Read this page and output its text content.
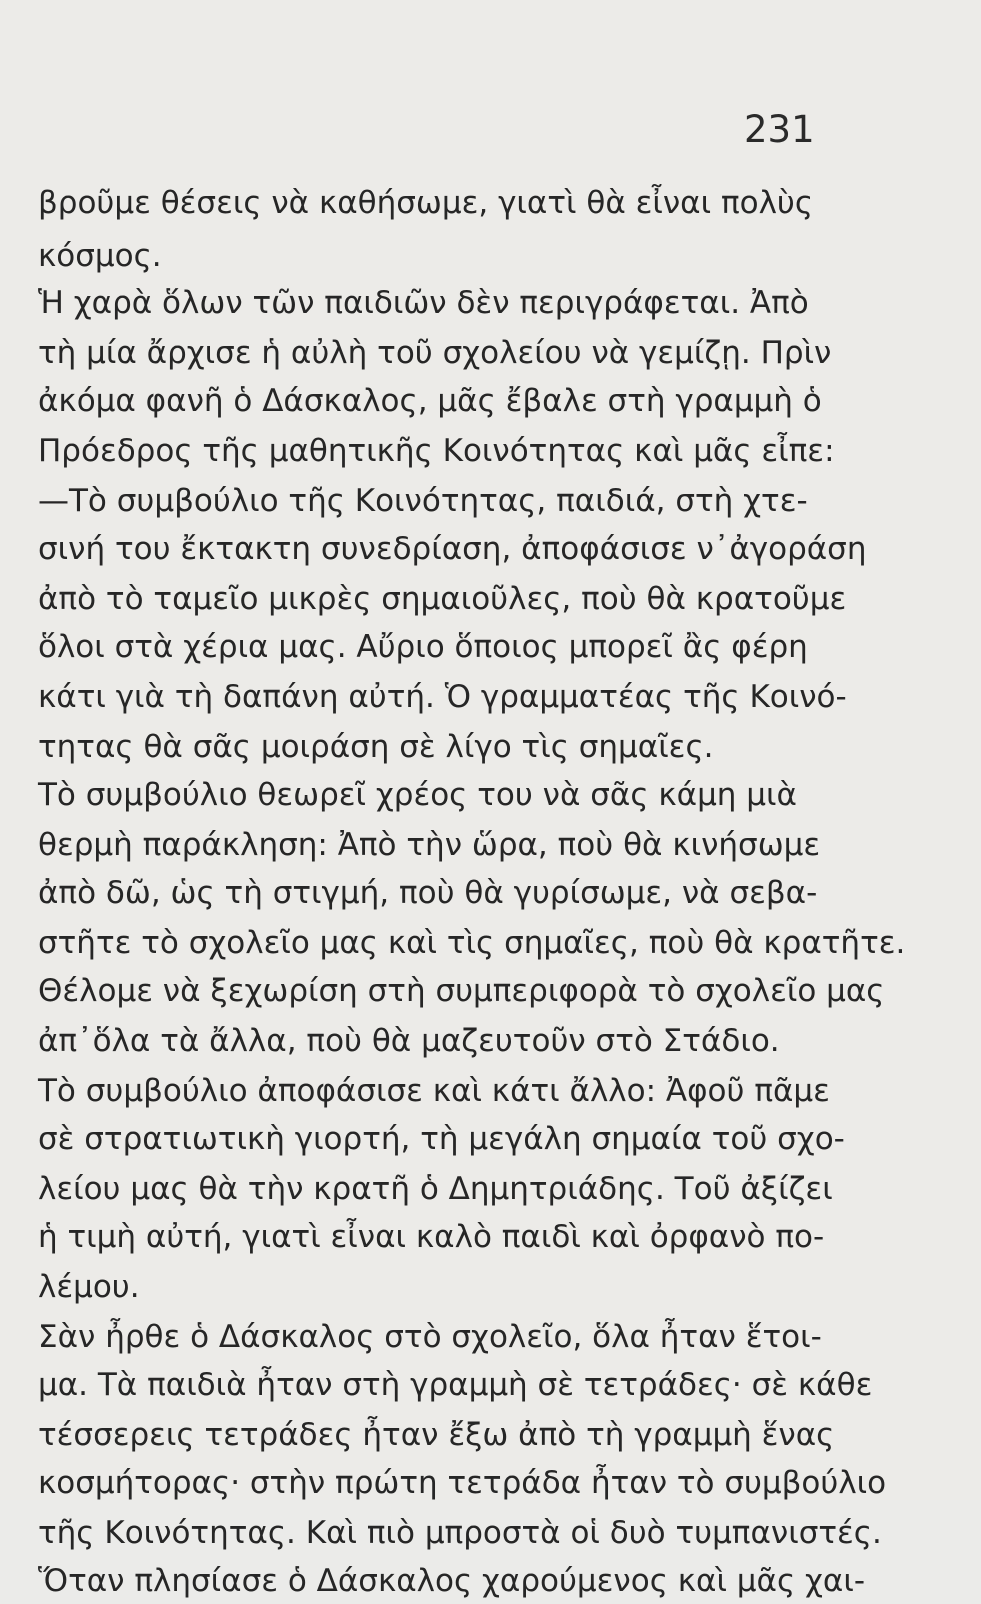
231
βροῦμε θέσεις νὰ καθήσωμε, γιατὶ θὰ εἶναι πολὺς
κόσμος.
Ἡ χαρὰ ὅλων τῶν παιδιῶν δὲν περιγράφεται. Ἀπὸ
τὴ μία ἄρχισε ἡ αὐλὴ τοῦ σχολείου νὰ γεμίζῃ. Πρὶν
ἀκόμα φανῆ ὁ Δάσκαλος, μᾶς ἔβαλε στὴ γραμμὴ ὁ
Πρόεδρος τῆς μαθητικῆς Κοινότητας καὶ μᾶς εἶπε:
—Τὸ συμβούλιο τῆς Κοινότητας, παιδιά, στὴ χτε-
σινή του ἔκτακτη συνεδρίαση, ἀποφάσισε ν᾽ἀγοράση
ἀπὸ τὸ ταμεῖο μικρὲς σημαιοῦλες, ποὺ θὰ κρατοῦμε
ὅλοι στὰ χέρια μας. Αὔριο ὅποιος μπορεῖ ἂς φέρη
κάτι γιὰ τὴ δαπάνη αὐτή. Ὁ γραμματέας τῆς Κοινό-
τητας θὰ σᾶς μοιράση σὲ λίγο τὶς σημαῖες.
Τὸ συμβούλιο θεωρεῖ χρέος του νὰ σᾶς κάμη μιὰ
θερμὴ παράκληση: Ἀπὸ τὴν ὥρα, ποὺ θὰ κινήσωμε
ἀπὸ δῶ, ὡς τὴ στιγμή, ποὺ θὰ γυρίσωμε, νὰ σεβα-
στῆτε τὸ σχολεῖο μας καὶ τὶς σημαῖες, ποὺ θὰ κρατῆτε.
Θέλομε νὰ ξεχωρίση στὴ συμπεριφορὰ τὸ σχολεῖο μας
ἀπ᾽ὅλα τὰ ἄλλα, ποὺ θὰ μαζευτοῦν στὸ Στάδιο.
Τὸ συμβούλιο ἀποφάσισε καὶ κάτι ἄλλο: Ἀφοῦ πᾶμε
σὲ στρατιωτικὴ γιορτή, τὴ μεγάλη σημαία τοῦ σχο-
λείου μας θὰ τὴν κρατῆ ὁ Δημητριάδης. Τοῦ ἀξίζει
ἡ τιμὴ αὐτή, γιατὶ εἶναι καλὸ παιδὶ καὶ ὀρφανὸ πο-
λέμου.
Σὰν ἦρθε ὁ Δάσκαλος στὸ σχολεῖο, ὅλα ἦταν ἕτοι-
μα. Τὰ παιδιὰ ἦταν στὴ γραμμὴ σὲ τετράδες· σὲ κάθε
τέσσερεις τετράδες ἦταν ἔξω ἀπὸ τὴ γραμμὴ ἕνας
κοσμήτορας· στὴν πρώτη τετράδα ἦταν τὸ συμβούλιο
τῆς Κοινότητας. Καὶ πιὸ μπροστὰ οἱ δυὸ τυμπανιστές.
Ὅταν πλησίασε ὁ Δάσκαλος χαρούμενος καὶ μᾶς χαι-
